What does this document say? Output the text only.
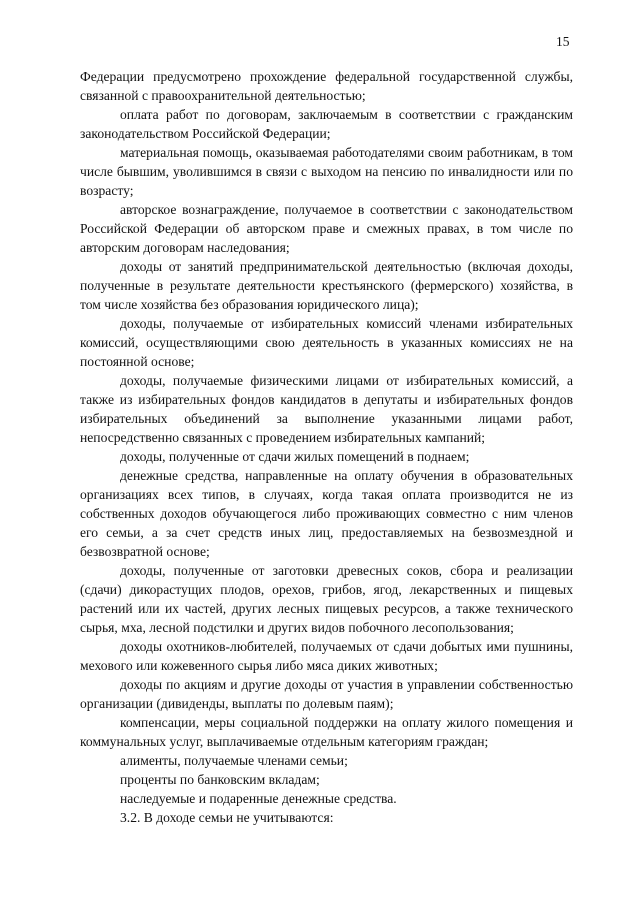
15

Федерации предусмотрено прохождение федеральной государственной службы, связанной с правоохранительной деятельностью;

оплата работ по договорам, заключаемым в соответствии с гражданским законодательством Российской Федерации;

материальная помощь, оказываемая работодателями своим работникам, в том числе бывшим, уволившимся в связи с выходом на пенсию по инвалидности или по возрасту;

авторское вознаграждение, получаемое в соответствии с законодательством Российской Федерации об авторском праве и смежных правах, в том числе по авторским договорам наследования;

доходы от занятий предпринимательской деятельностью (включая доходы, полученные в результате деятельности крестьянского (фермерского) хозяйства, в том числе хозяйства без образования юридического лица);

доходы, получаемые от избирательных комиссий членами избирательных комиссий, осуществляющими свою деятельность в указанных комиссиях не на постоянной основе;

доходы, получаемые физическими лицами от избирательных комиссий, а также из избирательных фондов кандидатов в депутаты и избирательных фондов избирательных объединений за выполнение указанными лицами работ, непосредственно связанных с проведением избирательных кампаний;

доходы, полученные от сдачи жилых помещений в поднаем;

денежные средства, направленные на оплату обучения в образовательных организациях всех типов, в случаях, когда такая оплата производится не из собственных доходов обучающегося либо проживающих совместно с ним членов его семьи, а за счет средств иных лиц, предоставляемых на безвозмездной и безвозвратной основе;

доходы, полученные от заготовки древесных соков, сбора и реализации (сдачи) дикорастущих плодов, орехов, грибов, ягод, лекарственных и пищевых растений или их частей, других лесных пищевых ресурсов, а также технического сырья, мха, лесной подстилки и других видов побочного лесопользования;

доходы охотников-любителей, получаемых от сдачи добытых ими пушнины, мехового или кожевенного сырья либо мяса диких животных;

доходы по акциям и другие доходы от участия в управлении собственностью организации (дивиденды, выплаты по долевым паям);

компенсации, меры социальной поддержки на оплату жилого помещения и коммунальных услуг, выплачиваемые отдельным категориям граждан;

алименты, получаемые членами семьи;

проценты по банковским вкладам;

наследуемые и подаренные денежные средства.

3.2. В доходе семьи не учитываются:
